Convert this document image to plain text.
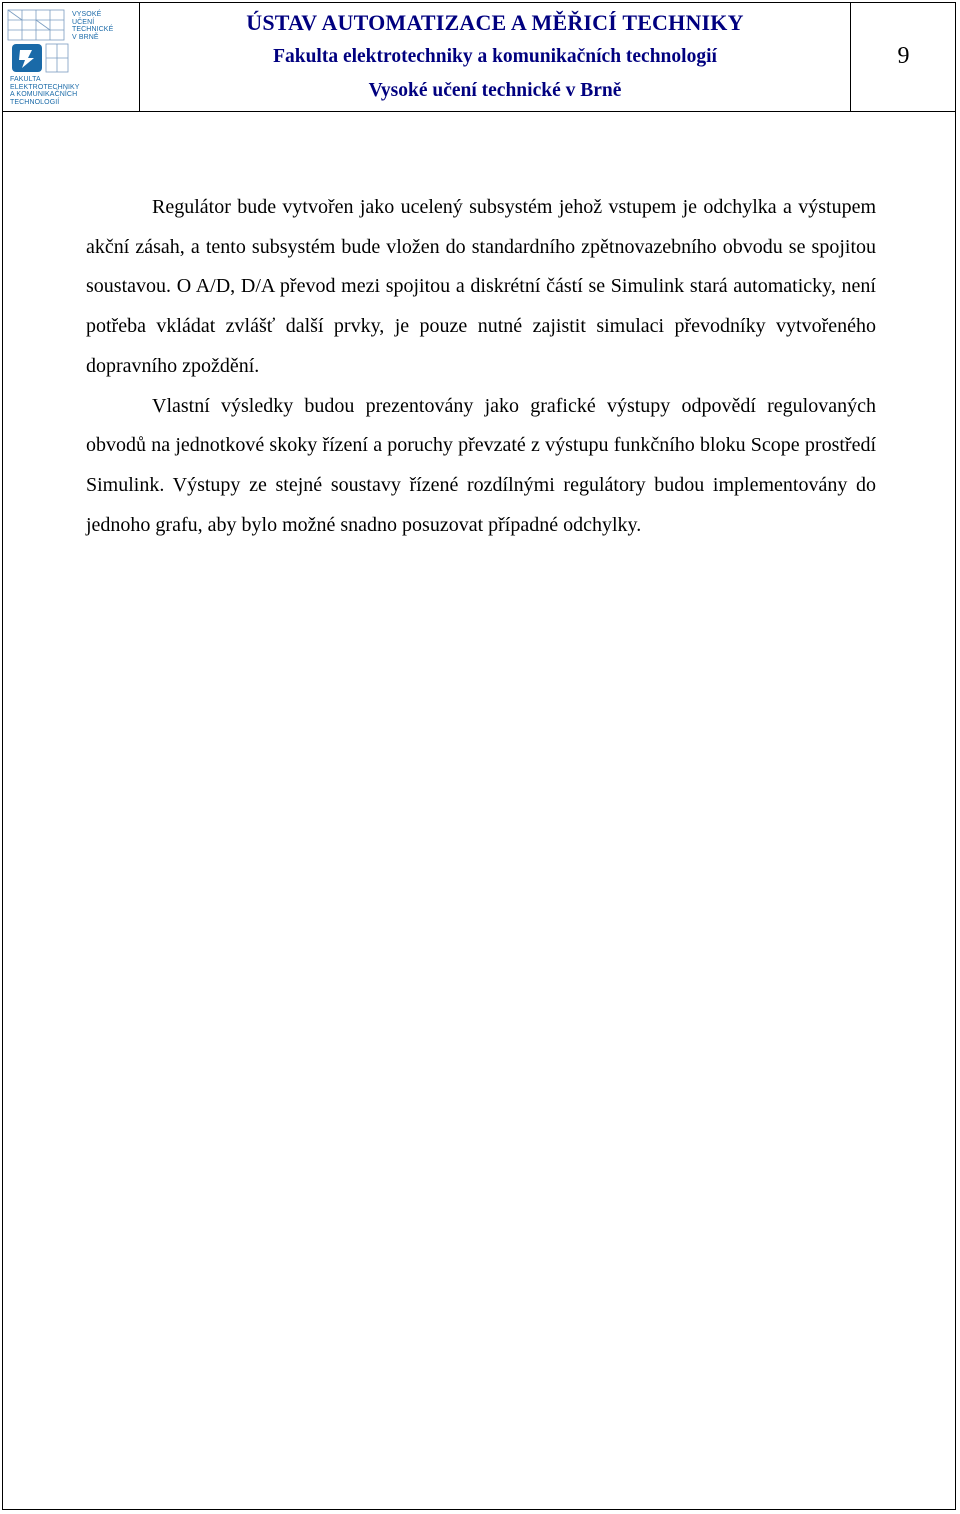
VYSOKÉ
UČENÍ
TECHNICKÉ
V BRNĚ
FAKULTA
ELEKTROTECHNIKY
A KOMUNIKAČNÍCH
TECHNOLOGIÍ
ÚSTAV AUTOMATIZACE A MĚŘICÍ TECHNIKY
Fakulta elektrotechniky a komunikačních technologií
Vysoké učení technické v Brně
9

Regulátor bude vytvořen jako ucelený subsystém jehož vstupem je odchylka a výstupem akční zásah, a tento subsystém bude vložen do standardního zpětnovazebního obvodu se spojitou soustavou. O A/D, D/A převod mezi spojitou a diskrétní částí se Simulink stará automaticky, není potřeba vkládat zvlášť další prvky, je pouze nutné zajistit simulaci převodníky vytvořeného dopravního zpoždění.

Vlastní výsledky budou prezentovány jako grafické výstupy odpovědí regulovaných obvodů na jednotkové skoky řízení a poruchy převzaté z výstupu funkčního bloku Scope prostředí Simulink. Výstupy ze stejné soustavy řízené rozdílnými regulátory budou implementovány do jednoho grafu, aby bylo možné snadno posuzovat případné odchylky.
